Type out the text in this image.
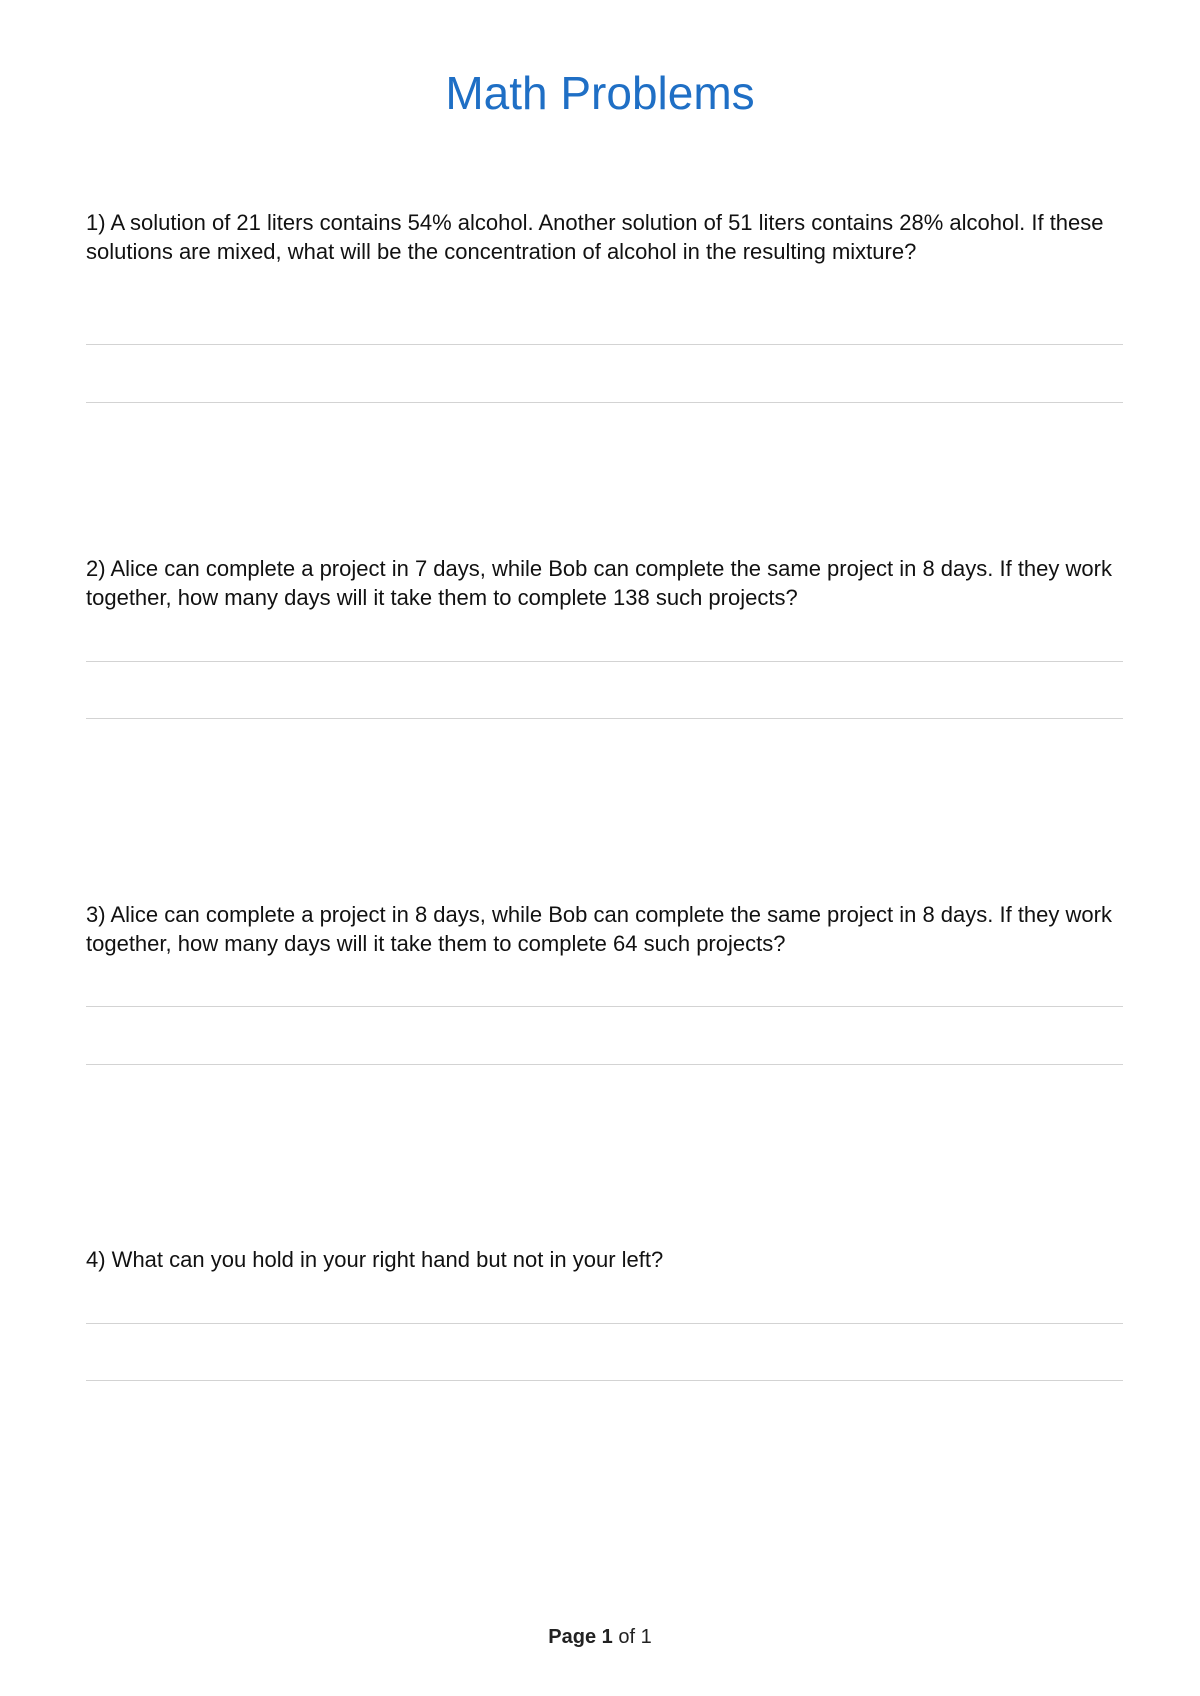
Math Problems

1) A solution of 21 liters contains 54% alcohol. Another solution of 51 liters contains 28% alcohol. If these solutions are mixed, what will be the concentration of alcohol in the resulting mixture?

2) Alice can complete a project in 7 days, while Bob can complete the same project in 8 days. If they work together, how many days will it take them to complete 138 such projects?

3) Alice can complete a project in 8 days, while Bob can complete the same project in 8 days. If they work together, how many days will it take them to complete 64 such projects?

4) What can you hold in your right hand but not in your left?

Page 1 of 1
